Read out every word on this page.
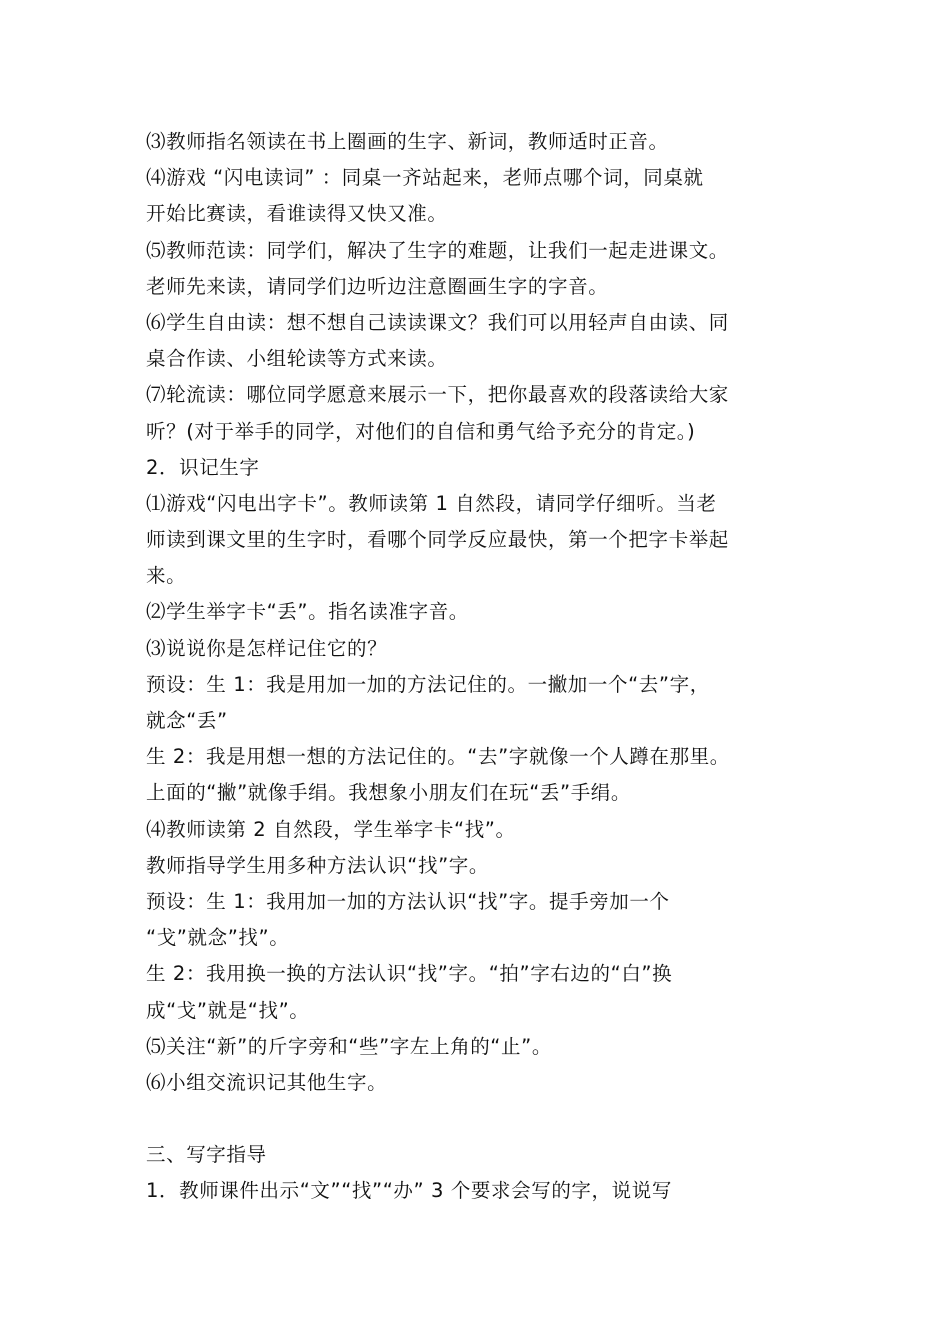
⑶教师指名领读在书上圈画的生字、新词，教师适时正音。
⑷游戏 “闪电读词” ：同桌一齐站起来，老师点哪个词，同桌就
开始比赛读，看谁读得又快又准。
⑸教师范读：同学们，解决了生字的难题，让我们一起走进课文。
老师先来读，请同学们边听边注意圈画生字的字音。
⑹学生自由读：想不想自己读读课文？我们可以用轻声自由读、同
桌合作读、小组轮读等方式来读。
⑺轮流读：哪位同学愿意来展示一下，把你最喜欢的段落读给大家
听？(对于举手的同学，对他们的自信和勇气给予充分的肯定。)
2．识记生字
⑴游戏“闪电出字卡”。教师读第 1 自然段，请同学仔细听。当老
师读到课文里的生字时，看哪个同学反应最快，第一个把字卡举起
来。
⑵学生举字卡“丢”。指名读准字音。
⑶说说你是怎样记住它的？
预设：生 1：我是用加一加的方法记住的。一撇加一个“去”字，
就念“丢”
生 2：我是用想一想的方法记住的。“去”字就像一个人蹲在那里。
上面的“撇”就像手绢。我想象小朋友们在玩“丢”手绢。
⑷教师读第 2 自然段，学生举字卡“找”。
教师指导学生用多种方法认识“找”字。
预设：生 1：我用加一加的方法认识“找”字。提手旁加一个
“戈”就念”找”。
生 2：我用换一换的方法认识“找”字。“拍”字右边的“白”换
成“戈”就是“找”。
⑸关注“新”的斤字旁和“些”字左上角的“止”。
⑹小组交流识记其他生字。
三、写字指导
1．教师课件出示“文”“找”“办” 3 个要求会写的字，说说写
